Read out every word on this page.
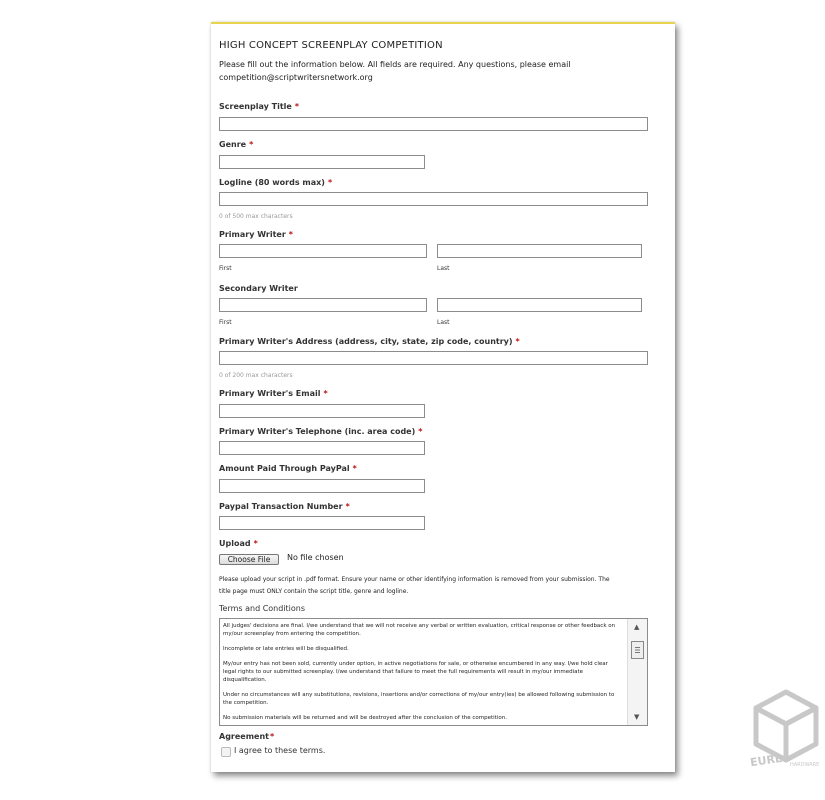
HIGH CONCEPT SCREENPLAY COMPETITION
Please fill out the information below. All fields are required. Any questions, please email competition@scriptwritersnetwork.org
Screenplay Title *
Genre *
Logline (80 words max) *
0 of 500 max characters
Primary Writer *
First	Last
Secondary Writer
First	Last
Primary Writer's Address (address, city, state, zip code, country) *
0 of 200 max characters
Primary Writer's Email *
Primary Writer's Telephone (inc. area code) *
Amount Paid Through PayPal *
Paypal Transaction Number *
Upload *
Choose File	No file chosen
Please upload your script in .pdf format. Ensure your name or other identifying information is removed from your submission. The title page must ONLY contain the script title, genre and logline.
Terms and Conditions

All judges' decisions are final. I/we understand that we will not receive any verbal or written evaluation, critical response or other feedback on my/our screenplay from entering the competition.

Incomplete or late entries will be disqualified.

My/our entry has not been sold, currently under option, in active negotiations for sale, or otherwise encumbered in any way. I/we hold clear legal rights to our submitted screenplay. I/we understand that failure to meet the full requirements will result in my/our immediate disqualification.

Under no circumstances will any substitutions, revisions, insertions and/or corrections of my/our entry(ies) be allowed following submission to the competition.

No submission materials will be returned and will be destroyed after the conclusion of the competition.

▲
▼
Agreement*
I agree to these terms.
EURL HARDWARE
